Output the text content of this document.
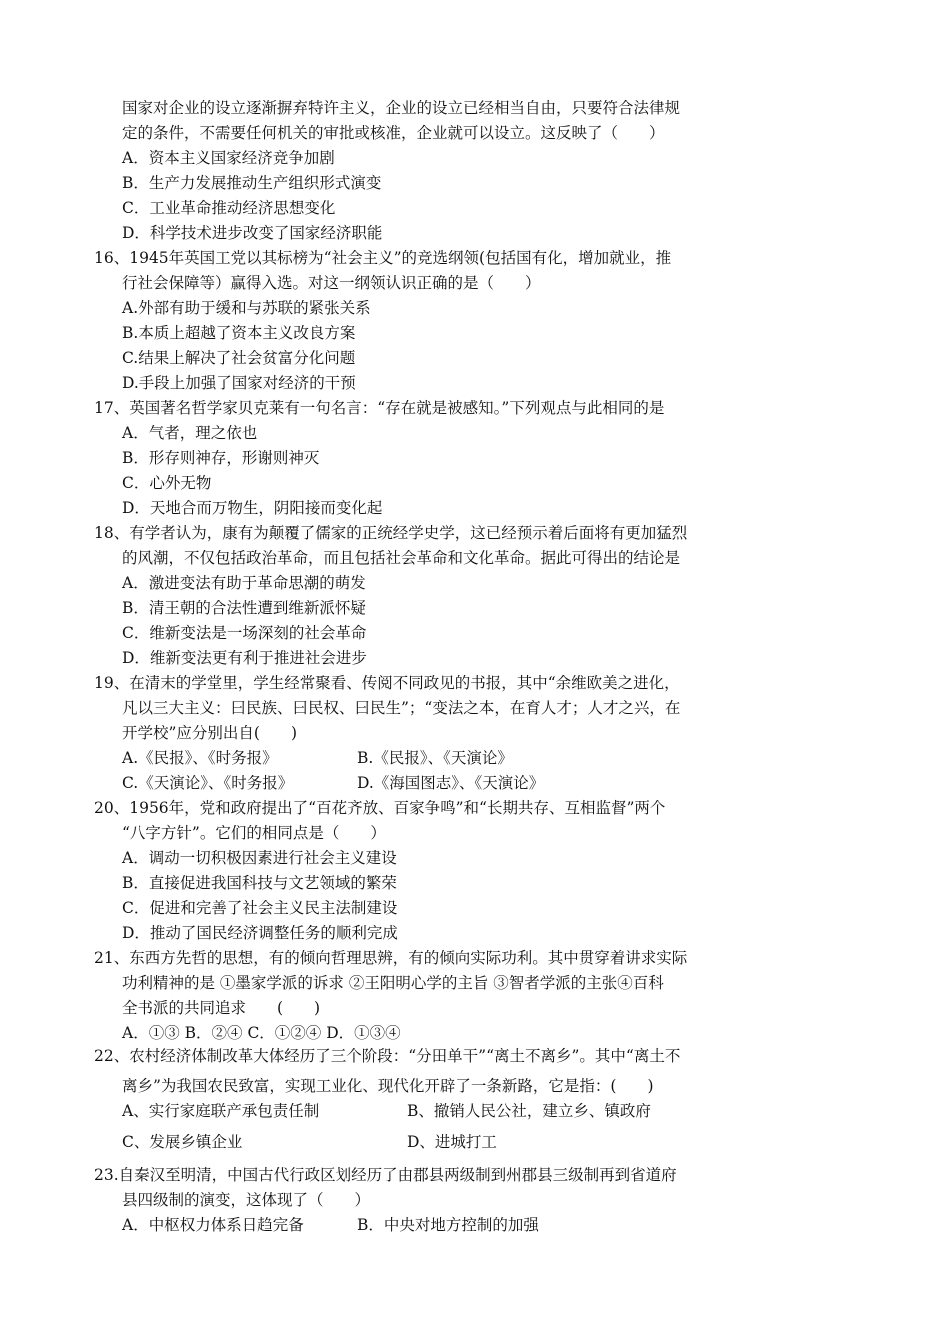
国家对企业的设立逐渐摒弃特许主义，企业的设立已经相当自由，只要符合法律规
定的条件，不需要任何机关的审批或核准，企业就可以设立。这反映了（　　）
A．资本主义国家经济竞争加剧
B．生产力发展推动生产组织形式演变
C．工业革命推动经济思想变化
D．科学技术进步改变了国家经济职能
16、1945年英国工党以其标榜为“社会主义”的竞选纲领(包括国有化，增加就业，推
行社会保障等）赢得入选。对这一纲领认识正确的是（　　）
A.外部有助于缓和与苏联的紧张关系
B.本质上超越了资本主义改良方案
C.结果上解决了社会贫富分化问题
D.手段上加强了国家对经济的干预
17、英国著名哲学家贝克莱有一句名言：“存在就是被感知。”下列观点与此相同的是
A．气者，理之依也
B．形存则神存，形谢则神灭
C．心外无物
D．天地合而万物生，阴阳接而变化起
18、有学者认为，康有为颠覆了儒家的正统经学史学，这已经预示着后面将有更加猛烈
的风潮，不仅包括政治革命，而且包括社会革命和文化革命。据此可得出的结论是
A．激进变法有助于革命思潮的萌发
B．清王朝的合法性遭到维新派怀疑
C．维新变法是一场深刻的社会革命
D．维新变法更有利于推进社会进步
19、在清末的学堂里，学生经常聚看、传阅不同政见的书报，其中“余维欧美之进化，
凡以三大主义：曰民族、曰民权、曰民生”；“变法之本，在育人才；人才之兴，在
开学校”应分别出自(　　)
A.《民报》、《时务报》	B.《民报》、《天演论》
C.《天演论》、《时务报》	D.《海国图志》、《天演论》
20、1956年，党和政府提出了“百花齐放、百家争鸣”和“长期共存、互相监督”两个
“八字方针”。它们的相同点是（　　）
A．调动一切积极因素进行社会主义建设
B．直接促进我国科技与文艺领域的繁荣
C．促进和完善了社会主义民主法制建设
D．推动了国民经济调整任务的顺利完成
21、东西方先哲的思想，有的倾向哲理思辨，有的倾向实际功利。其中贯穿着讲求实际
功利精神的是 ①墨家学派的诉求 ②王阳明心学的主旨 ③智者学派的主张④百科
全书派的共同追求　　(　　)
A．①③ B．②④ C．①②④ D．①③④
22、农村经济体制改革大体经历了三个阶段：“分田单干”“离土不离乡”。其中“离土不
离乡”为我国农民致富，实现工业化、现代化开辟了一条新路，它是指：(　　)
A、实行家庭联产承包责任制	B、撤销人民公社，建立乡、镇政府
C、发展乡镇企业	D、进城打工
23.自秦汉至明清，中国古代行政区划经历了由郡县两级制到州郡县三级制再到省道府
县四级制的演变，这体现了（　　）
A．中枢权力体系日趋完备	B．中央对地方控制的加强
